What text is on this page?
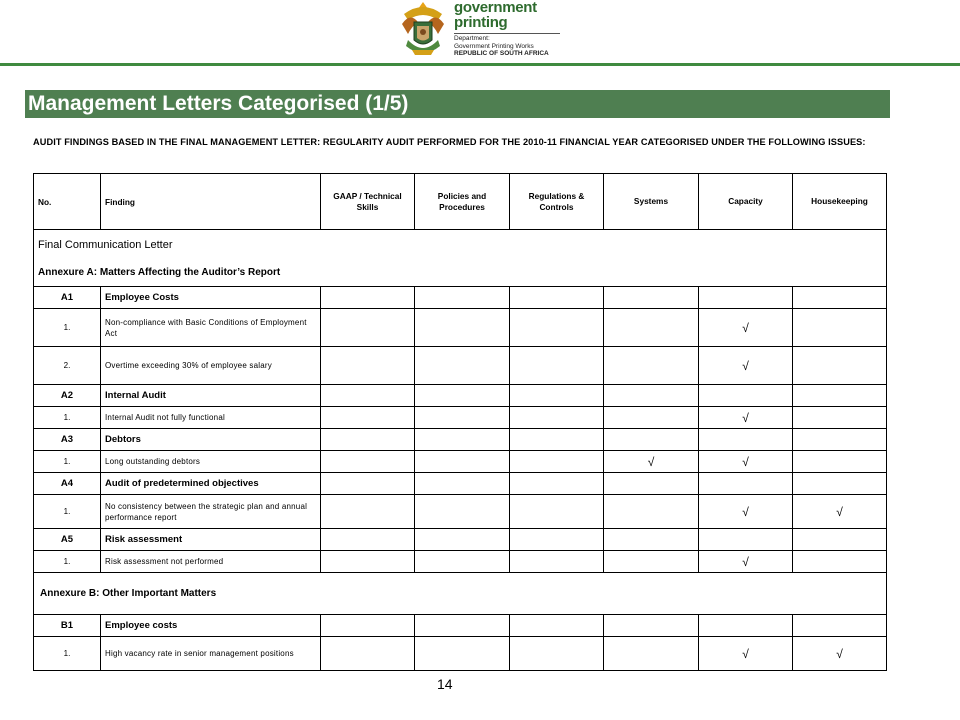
government
printing
Department:
Government Printing Works
REPUBLIC OF SOUTH AFRICA
Management Letters Categorised (1/5)
AUDIT FINDINGS BASED IN THE FINAL MANAGEMENT LETTER: REGULARITY AUDIT PERFORMED FOR THE 2010-11 FINANCIAL YEAR CATEGORISED UNDER THE FOLLOWING ISSUES:
No.	Finding	GAAP / Technical Skills	Policies and Procedures	Regulations & Controls	Systems	Capacity	Housekeeping

Final Communication Letter
Annexure A: Matters Affecting the Auditor’s Report							

A1	Employee Costs						
1.	Non-compliance with Basic Conditions of Employment Act					√	
2.	Overtime exceeding 30% of employee salary					√	
A2	Internal Audit						
1.	Internal Audit not fully functional					√	
A3	Debtors						
1.	Long outstanding debtors				√	√	
A4	Audit of predetermined objectives						
1.	No consistency between the strategic plan and annual performance report					√	√
A5	Risk assessment						
1.	Risk assessment not performed					√	
Annexure B: Other Important Matters							
B1	Employee costs						
1.	High vacancy rate in senior management positions					√	√
14
